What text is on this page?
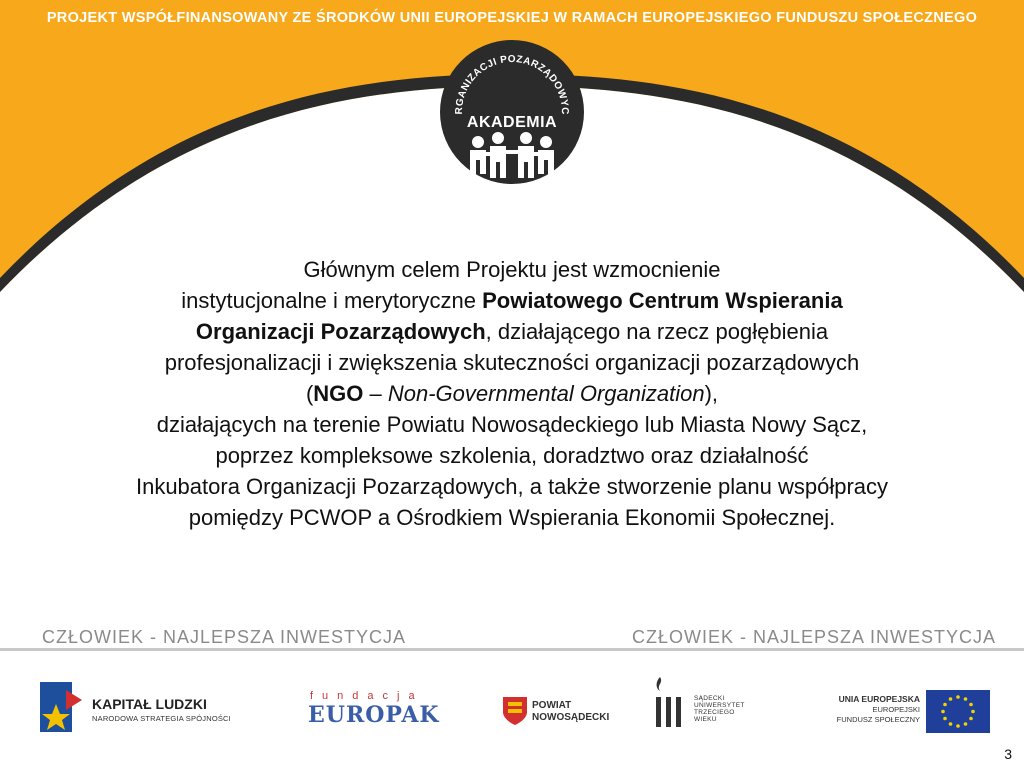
PROJEKT WSPÓŁFINANSOWANY ZE ŚRODKÓW UNII EUROPEJSKIEJ W RAMACH EUROPEJSKIEGO FUNDUSZU SPOŁECZNEGO
RGANIZACJI POZARZĄDOWYC
AKADEMIA
Głównym celem Projektu jest wzmocnienie
instytucjonalne i merytoryczne Powiatowego Centrum Wspierania
Organizacji Pozarządowych, działającego na rzecz pogłębienia
profesjonalizacji i zwiększenia skuteczności organizacji pozarządowych
(NGO – Non-Governmental Organization),
działających na terenie Powiatu Nowosądeckiego lub Miasta Nowy Sącz,
poprzez kompleksowe szkolenia, doradztwo oraz działalność
Inkubatora Organizacji Pozarządowych, a także stworzenie planu współpracy
pomiędzy PCWOP a Ośrodkiem Wspierania Ekonomii Społecznej.
CZŁOWIEK - NAJLEPSZA INWESTYCJA	CZŁOWIEK - NAJLEPSZA INWESTYCJA
KAPITAŁ LUDZKI
NARODOWA STRATEGIA SPÓJNOŚCI
fundacja
EUROPAK	POWIAT
NOWOSĄDECKI
SĄDECKI
UNIWERSYTET
TRZECIEGO
WIEKU
UNIA EUROPEJSKA
EUROPEJSKI
FUNDUSZ SPOŁECZNY
3
